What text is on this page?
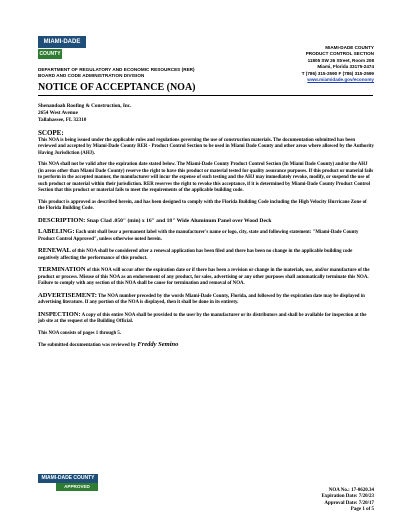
MIAMI-DADE
COUNTY
DEPARTMENT OF REGULATORY AND ECONOMIC RESOURCES (RER)
BOARD AND CODE ADMINISTRATION DIVISION
MIAMI-DADE COUNTY
PRODUCT CONTROL SECTION
11805 SW 26 Street, Room 208
Miami, Florida 33175-2474
T (786) 315-2590 F (786) 315-2599
www.miamidade.gov/economy
NOTICE OF ACCEPTANCE (NOA)
Shenandoah Roofing & Construction, Inc.
2654 West Avenue
Tallahassee, FL 32310
SCOPE:

This NOA is being issued under the applicable rules and regulations governing the use of construction materials. The documentation submitted has been reviewed and accepted by Miami-Dade County RER - Product Control Section to be used in Miami Dade County and other areas where allowed by the Authority Having Jurisdiction (AHJ).

This NOA shall not be valid after the expiration date stated below. The Miami-Dade County Product Control Section (In Miami Dade County) and/or the AHJ (in areas other than Miami Dade County) reserve the right to have this product or material tested for quality assurance purposes. If this product or material fails to perform in the accepted manner, the manufacturer will incur the expense of such testing and the AHJ may immediately revoke, modify, or suspend the use of such product or material within their jurisdiction. RER reserves the right to revoke this acceptance, if it is determined by Miami-Dade County Product Control Section that this product or material fails to meet the requirements of the applicable building code.

This product is approved as described herein, and has been designed to comply with the Florida Building Code including the High Velocity Hurricane Zone of the Florida Building Code.

DESCRIPTION: Snap Clad .050" (min) x 16" and 18" Wide Aluminum Panel over Wood Deck

LABELING: Each unit shall bear a permanent label with the manufacturer's name or logo, city, state and following statement: "Miami-Dade County Product Control Approved", unless otherwise noted herein.

RENEWAL of this NOA shall be considered after a renewal application has been filed and there has been no change in the applicable building code negatively affecting the performance of this product.

TERMINATION of this NOA will occur after the expiration date or if there has been a revision or change in the materials, use, and/or manufacture of the product or process. Misuse of this NOA as an endorsement of any product, for sales, advertising or any other purposes shall automatically terminate this NOA. Failure to comply with any section of this NOA shall be cause for termination and removal of NOA.

ADVERTISEMENT: The NOA number preceded by the words Miami-Dade County, Florida, and followed by the expiration date may be displayed in advertising literature. If any portion of the NOA is displayed, then it shall be done in its entirety.

INSPECTION: A copy of this entire NOA shall be provided to the user by the manufacturer or its distributors and shall be available for inspection at the job site at the request of the Building Official.

This NOA consists of pages 1 through 5.

The submitted documentation was reviewed by Freddy Semino

MIAMI-DADE COUNTY
APPROVED
NOA No.: 17-0620.34
Expiration Date: 7/20/23
Approval Date: 7/20/17
Page 1 of 5
